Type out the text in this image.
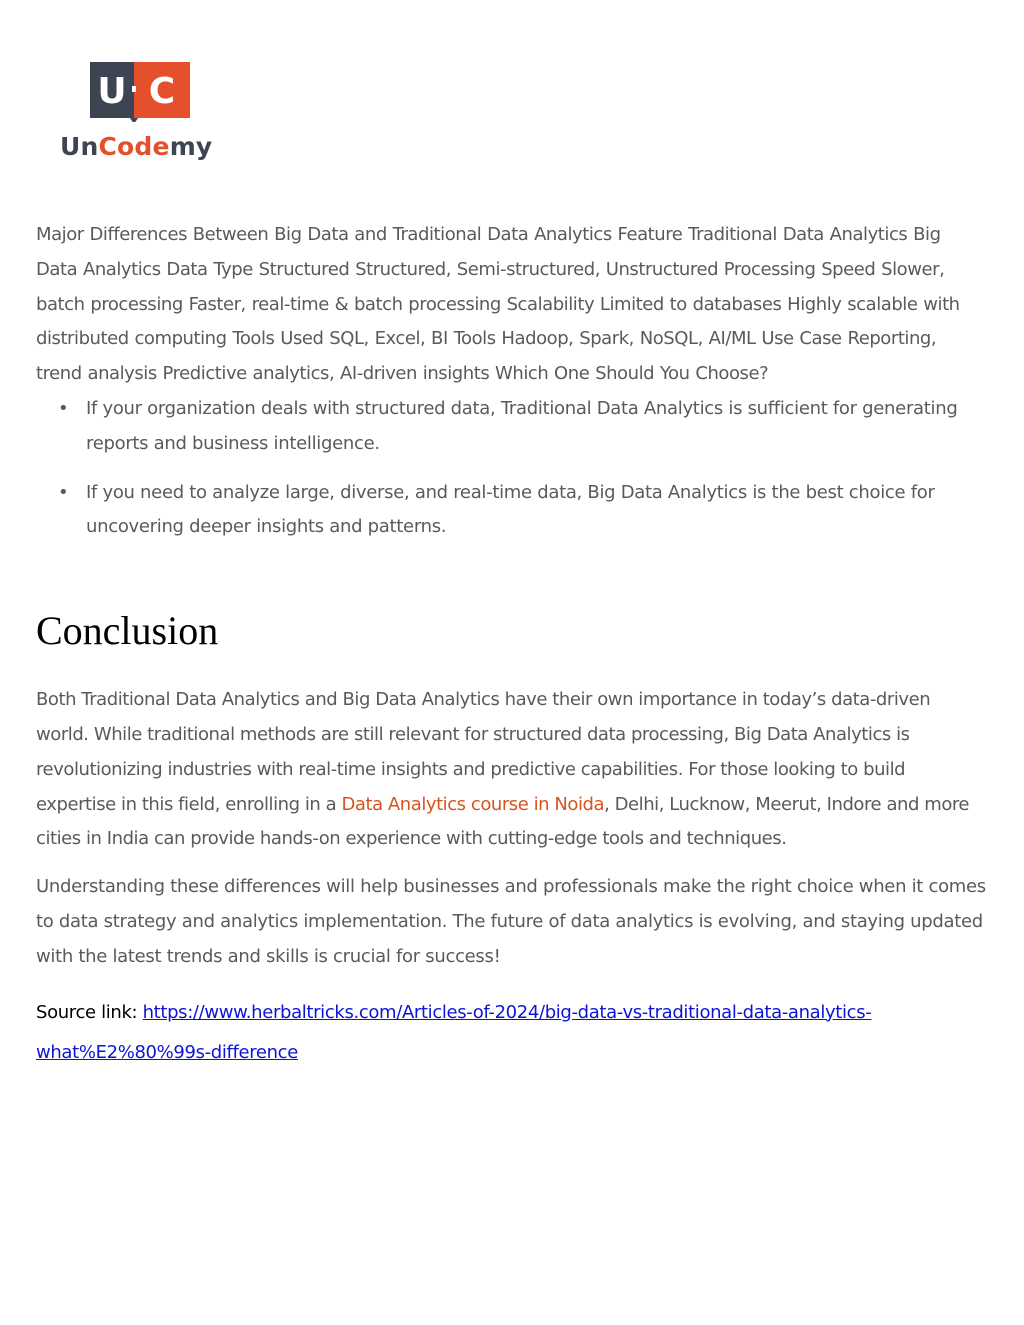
U C
UnCodemy

Major Differences Between Big Data and Traditional Data Analytics Feature Traditional Data Analytics Big Data Analytics Data Type Structured Structured, Semi-structured, Unstructured Processing Speed Slower, batch processing Faster, real-time & batch processing Scalability Limited to databases Highly scalable with distributed computing Tools Used SQL, Excel, BI Tools Hadoop, Spark, NoSQL, AI/ML Use Case Reporting, trend analysis Predictive analytics, AI-driven insights Which One Should You Choose?

• If your organization deals with structured data, Traditional Data Analytics is sufficient for generating reports and business intelligence.
• If you need to analyze large, diverse, and real-time data, Big Data Analytics is the best choice for uncovering deeper insights and patterns.
Conclusion

Both Traditional Data Analytics and Big Data Analytics have their own importance in today’s data-driven world. While traditional methods are still relevant for structured data processing, Big Data Analytics is revolutionizing industries with real-time insights and predictive capabilities. For those looking to build expertise in this field, enrolling in a Data Analytics course in Noida, Delhi, Lucknow, Meerut, Indore and more cities in India can provide hands-on experience with cutting-edge tools and techniques.

Understanding these differences will help businesses and professionals make the right choice when it comes to data strategy and analytics implementation. The future of data analytics is evolving, and staying updated with the latest trends and skills is crucial for success!

Source link: https://www.herbaltricks.com/Articles-of-2024/big-data-vs-traditional-data-analytics-
what%E2%80%99s-difference
